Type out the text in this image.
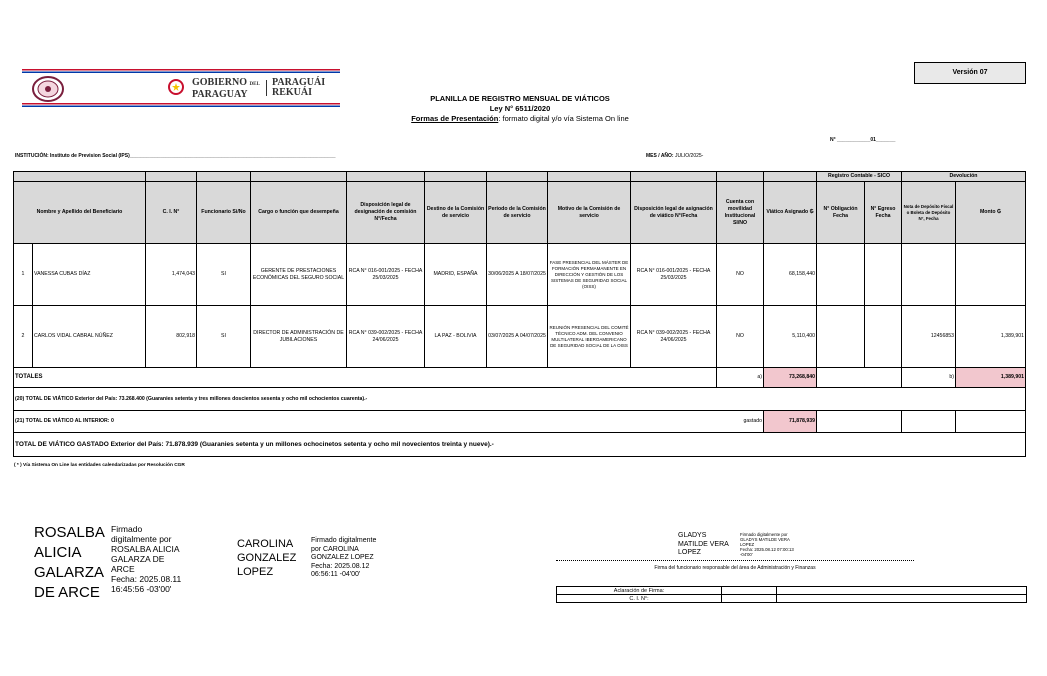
Versión 07
GOBIERNO DEL
PARAGUAY
PARAGUÁI
REKUÁI
PLANILLA DE REGISTRO MENSUAL DE VIÁTICOS
Ley N° 6511/2020
Formas de Presentación: formato digital y/o vía Sistema On line
N° ____________01_______
INSTITUCIÓN: Instituto de Prevision Social (IPS)__________________________________________________________________________	MES / AÑO: JULIO/2025-
												Registro Contable - SICO		Devolución	
Nombre y Apellido del Beneficiario		C. I. N°	Funcionario Si/No	Cargo o función que desempeña	Disposición legal de designación de comisión N°/Fecha	Destino de la Comisión de servicio	Periodo de la Comisión de servicio	Motivo de la Comisión de servicio	Disposición legal de asignación de viático N°/Fecha	Cuenta con movilidad Institucional SI/NO	Viático Asignado ₲	N° Obligación Fecha	N° Egreso Fecha	Nota de Depósito Fiscal o Boleta de Depósito N°, Fecha	Monto ₲
1	VANESSA CUBAS DÍAZ	1,474,043	SI	GERENTE DE PRESTACIONES ECONÓMICAS DEL SEGURO SOCIAL	RCA N° 016-001/2025 - FECHA 25/03/2025	MADRID, ESPAÑA	30/06/2025 A 18/07/2025	FASE PRESENCIAL DEL MÁSTER DE FORMACIÓN PERMAMANENTE EN DIRECCIÓN Y GESTIÓN DE LOS SISTEMAS DE SEGURIDAD SOCIAL (OISS)	RCA N° 016-001/2025 - FECHA 25/03/2025	NO	68,158,440				
2	CARLOS VIDAL CABRAL NÚÑEZ	802,918	SI	DIRECTOR DE ADMINISTRACIÓN DE JUBILACIONES	RCA N° 039-002/2025 - FECHA 24/06/2025	LA PAZ - BOLIVIA	03/07/2025 A 04/07/2025	REUNIÓN PRESENCIAL DEL COMITÉ TÉCNICO ADM. DEL CONVENIO MULTILATERAL IBEROAMERICANO DE SEGURIDAD SOCIAL DE LA OISS	RCA N° 039-002/2025 - FECHA 24/06/2025	NO	5,110,400			12456853	1,389,901
TOTALES										a)	73,268,840			b)	1,389,901
(20) TOTAL DE VIÁTICO Exterior del País: 73.268.400 (Guaranies setenta y tres millones doscientos sesenta y ocho mil ochocientos cuarenta).-															
(21) TOTAL DE VIÁTICO AL INTERIOR: 0										gastado	71,878,939				
TOTAL DE VIÁTICO GASTADO Exterior del País: 71.878.939 (Guaranies setenta y un millones ochocinetos setenta y ocho mil novecientos treinta y nueve).-															
( * ) Vía Sistema On Line las entidades calendarizadas por Resolución CGR
ROSALBA
ALICIA
GALARZA
DE ARCE
Firmado
digitalmente por
ROSALBA ALICIA
GALARZA DE
ARCE
Fecha: 2025.08.11
16:45:56 -03'00'
CAROLINA
GONZALEZ
LOPEZ
Firmado digitalmente
por CAROLINA
GONZALEZ LOPEZ
Fecha: 2025.08.12
06:56:11 -04'00'
GLADYS
MATILDE VERA
LOPEZ
Firmado digitalmente por
GLADYS MATILDE VERA
LOPEZ
Fecha: 2025.08.12 07:00:13
-04'00'
Firma del funcionario responsable del área de Administración y Finanzas
Aclaración de Firma:		
C. I. N°:		
